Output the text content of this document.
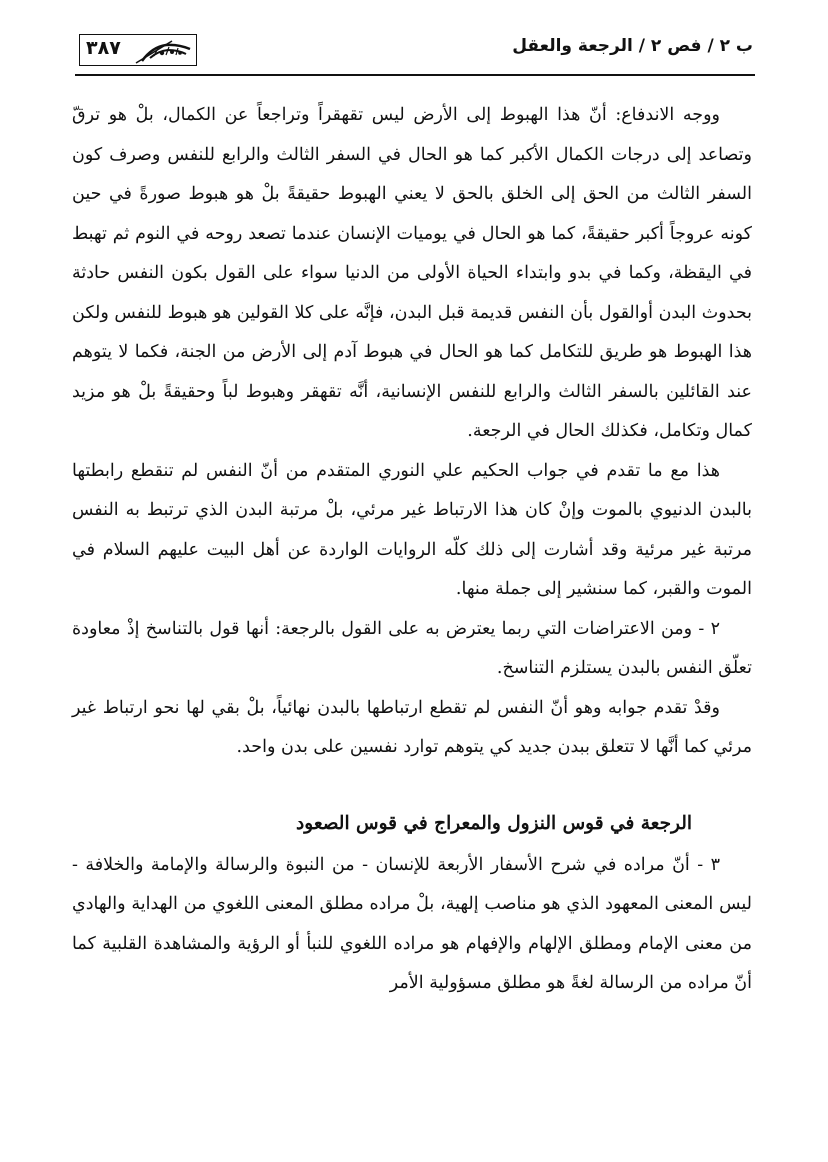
٣٨٧	ب ٢ / فص ٢ / الرجعة والعقل

ووجه الاندفاع: أنّ هذا الهبوط إلى الأرض ليس تقهقراً وتراجعاً عن الكمال، بلْ هو ترقّ وتصاعد إلى درجات الكمال الأكبر كما هو الحال في السفر الثالث والرابع للنفس وصرف كون السفر الثالث من الحق إلى الخلق بالحق لا يعني الهبوط حقيقةً بلْ هو هبوط صورةً في حين كونه عروجاً أكبر حقيقةً، كما هو الحال في يوميات الإنسان عندما تصعد روحه في النوم ثم تهبط في اليقظة، وكما في بدو وابتداء الحياة الأولى من الدنيا سواء على القول بكون النفس حادثة بحدوث البدن أوالقول بأن النفس قديمة قبل البدن، فإنَّه على كلا القولين هو هبوط للنفس ولكن هذا الهبوط هو طريق للتكامل كما هو الحال في هبوط آدم إلى الأرض من الجنة، فكما لا يتوهم عند القائلين بالسفر الثالث والرابع للنفس الإنسانية، أنَّه تقهقر وهبوط لباً وحقيقةً بلْ هو مزيد كمال وتكامل، فكذلك الحال في الرجعة.

هذا مع ما تقدم في جواب الحكيم علي النوري المتقدم من أنّ النفس لم تنقطع رابطتها بالبدن الدنيوي بالموت وإنْ كان هذا الارتباط غير مرئي، بلْ مرتبة البدن الذي ترتبط به النفس مرتبة غير مرئية وقد أشارت إلى ذلك كلّه الروايات الواردة عن أهل البيت عليهم السلام في الموت والقبر، كما سنشير إلى جملة منها.

٢ - ومن الاعتراضات التي ربما يعترض به على القول بالرجعة: أنها قول بالتناسخ إذْ معاودة تعلّق النفس بالبدن يستلزم التناسخ.

وقدْ تقدم جوابه وهو أنّ النفس لم تقطع ارتباطها بالبدن نهائياً، بلْ بقي لها نحو ارتباط غير مرئي كما أنَّها لا تتعلق ببدن جديد كي يتوهم توارد نفسين على بدن واحد.

الرجعة في قوس النزول والمعراج في قوس الصعود

٣ - أنّ مراده في شرح الأسفار الأربعة للإنسان - من النبوة والرسالة والإمامة والخلافة - ليس المعنى المعهود الذي هو مناصب إلهية، بلْ مراده مطلق المعنى اللغوي من الهداية والهادي من معنى الإمام ومطلق الإلهام والإفهام هو مراده اللغوي للنبأ أو الرؤية والمشاهدة القلبية كما أنّ مراده من الرسالة لغةً هو مطلق مسؤولية الأمر
